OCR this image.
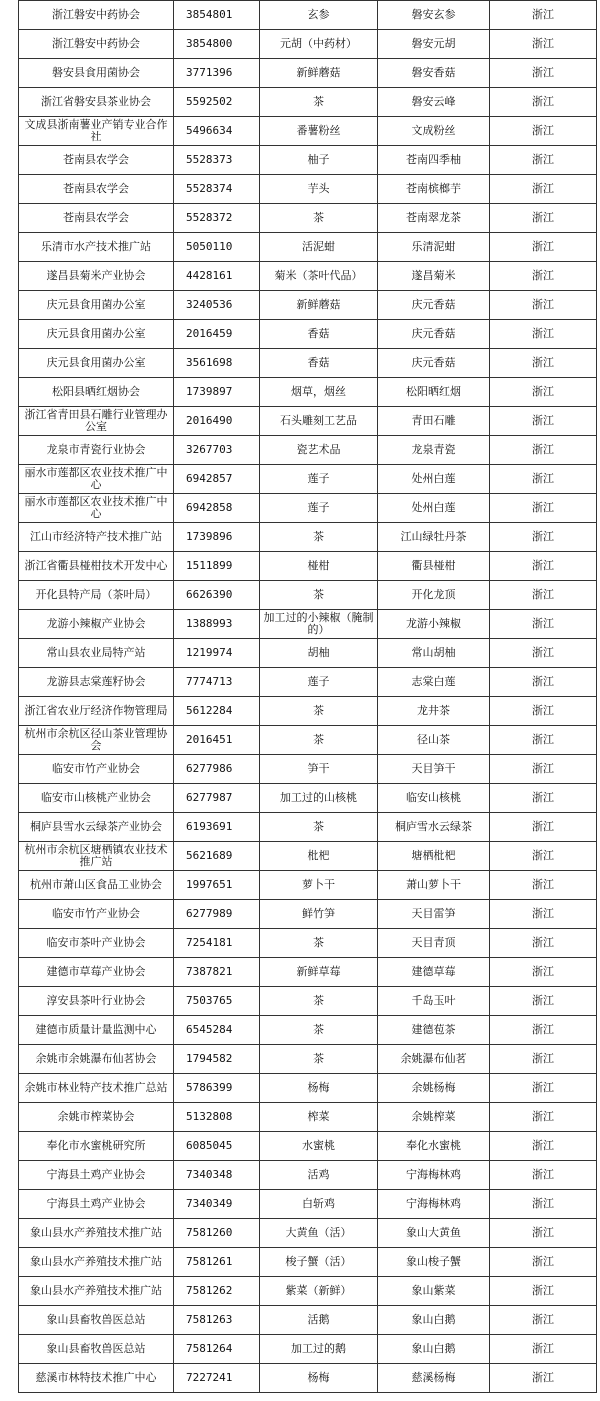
浙江磐安中药协会	3854801	玄参	磐安玄参	浙江
浙江磐安中药协会	3854800	元胡（中药材）	磐安元胡	浙江
磐安县食用菌协会	3771396	新鲜蘑菇	磐安香菇	浙江
浙江省磐安县茶业协会	5592502	茶	磐安云峰	浙江
文成县浙南薯业产销专业合作社	5496634	番薯粉丝	文成粉丝	浙江
苍南县农学会	5528373	柚子	苍南四季柚	浙江
苍南县农学会	5528374	芋头	苍南槟榔芋	浙江
苍南县农学会	5528372	茶	苍南翠龙茶	浙江
乐清市水产技术推广站	5050110	活泥蚶	乐清泥蚶	浙江
遂昌县菊米产业协会	4428161	菊米（茶叶代品）	遂昌菊米	浙江
庆元县食用菌办公室	3240536	新鲜蘑菇	庆元香菇	浙江
庆元县食用菌办公室	2016459	香菇	庆元香菇	浙江
庆元县食用菌办公室	3561698	香菇	庆元香菇	浙江
松阳县晒红烟协会	1739897	烟草，烟丝	松阳晒红烟	浙江
浙江省青田县石雕行业管理办公室	2016490	石头雕刻工艺品	青田石雕	浙江
龙泉市青瓷行业协会	3267703	瓷艺术品	龙泉青瓷	浙江
丽水市莲都区农业技术推广中心	6942857	莲子	处州白莲	浙江
丽水市莲都区农业技术推广中心	6942858	莲子	处州白莲	浙江
江山市经济特产技术推广站	1739896	茶	江山绿牡丹茶	浙江
浙江省衢县椪柑技术开发中心	1511899	椪柑	衢县椪柑	浙江
开化县特产局（茶叶局）	6626390	茶	开化龙顶	浙江
龙游小辣椒产业协会	1388993	加工过的小辣椒（腌制的）	龙游小辣椒	浙江
常山县农业局特产站	1219974	胡柚	常山胡柚	浙江
龙游县志棠莲籽协会	7774713	莲子	志棠白莲	浙江
浙江省农业厅经济作物管理局	5612284	茶	龙井茶	浙江
杭州市余杭区径山茶业管理协会	2016451	茶	径山茶	浙江
临安市竹产业协会	6277986	笋干	天目笋干	浙江
临安市山核桃产业协会	6277987	加工过的山核桃	临安山核桃	浙江
桐庐县雪水云绿茶产业协会	6193691	茶	桐庐雪水云绿茶	浙江
杭州市余杭区塘栖镇农业技术推广站	5621689	枇杷	塘栖枇杷	浙江
杭州市萧山区食品工业协会	1997651	萝卜干	萧山萝卜干	浙江
临安市竹产业协会	6277989	鲜竹笋	天目雷笋	浙江
临安市茶叶产业协会	7254181	茶	天目青顶	浙江
建德市草莓产业协会	7387821	新鲜草莓	建德草莓	浙江
淳安县茶叶行业协会	7503765	茶	千岛玉叶	浙江
建德市质量计量监测中心	6545284	茶	建德苞茶	浙江
余姚市余姚瀑布仙茗协会	1794582	茶	余姚瀑布仙茗	浙江
余姚市林业特产技术推广总站	5786399	杨梅	余姚杨梅	浙江
余姚市榨菜协会	5132808	榨菜	余姚榨菜	浙江
奉化市水蜜桃研究所	6085045	水蜜桃	奉化水蜜桃	浙江
宁海县土鸡产业协会	7340348	活鸡	宁海梅林鸡	浙江
宁海县土鸡产业协会	7340349	白斩鸡	宁海梅林鸡	浙江
象山县水产养殖技术推广站	7581260	大黄鱼（活）	象山大黄鱼	浙江
象山县水产养殖技术推广站	7581261	梭子蟹（活）	象山梭子蟹	浙江
象山县水产养殖技术推广站	7581262	紫菜（新鲜）	象山紫菜	浙江
象山县畜牧兽医总站	7581263	活鹅	象山白鹅	浙江
象山县畜牧兽医总站	7581264	加工过的鹅	象山白鹅	浙江
慈溪市林特技术推广中心	7227241	杨梅	慈溪杨梅	浙江
